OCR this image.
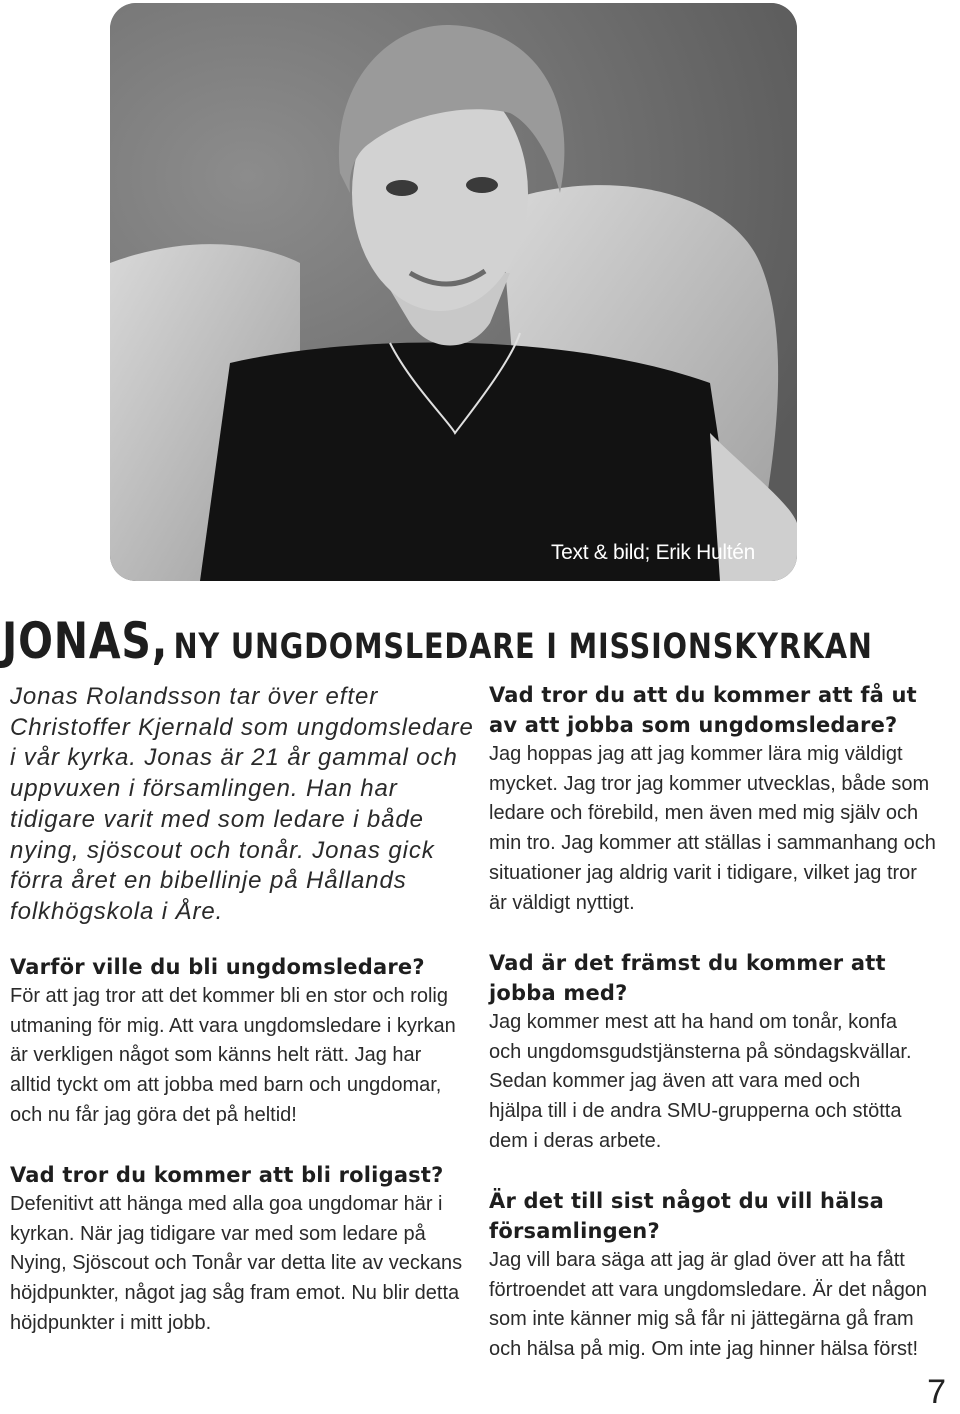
Text & bild; Erik Hultén
JONAS, NY UNGDOMSLEDARE I MISSIONSKYRKAN

Jonas Rolandsson tar över efter Christoffer Kjernald som ungdomsledare i vår kyrka. Jonas är 21 år gammal och uppvuxen i församlingen. Han har tidigare varit med som ledare i både nying, sjöscout och tonår. Jonas gick förra året en bibellinje på Hållands folkhögskola i Åre.

Varför ville du bli ungdomsledare?

För att jag tror att det kommer bli en stor och rolig utmaning för mig. Att vara ungdomsledare i kyrkan är verkligen något som känns helt rätt. Jag har alltid tyckt om att jobba med barn och ungdomar, och nu får jag göra det på heltid!

Vad tror du kommer att bli roligast?

Defenitivt att hänga med alla goa ungdomar här i kyrkan. När jag tidigare var med som ledare på Nying, Sjöscout och Tonår var detta lite av veckans höjdpunkter, något jag såg fram emot. Nu blir detta höjdpunkter i mitt jobb.

Vad tror du att du kommer att få ut av att jobba som ungdomsledare?

Jag hoppas jag att jag kommer lära mig väldigt mycket. Jag tror jag kommer utvecklas, både som ledare och förebild, men även med mig själv och min tro. Jag kommer att ställas i sammanhang och situationer jag aldrig varit i tidigare, vilket jag tror är väldigt nyttigt.

Vad är det främst du kommer att jobba med?

Jag kommer mest att ha hand om tonår, konfa och ungdomsgudstjänsterna på söndagskvällar. Sedan kommer jag även att vara med och hjälpa till i de andra SMU-grupperna och stötta dem i deras arbete.

Är det till sist något du vill hälsa församlingen?

Jag vill bara säga att jag är glad över att ha fått förtroendet att vara ungdomsledare. Är det någon som inte känner mig så får ni jättegärna gå fram och hälsa på mig. Om inte jag hinner hälsa först!

7
